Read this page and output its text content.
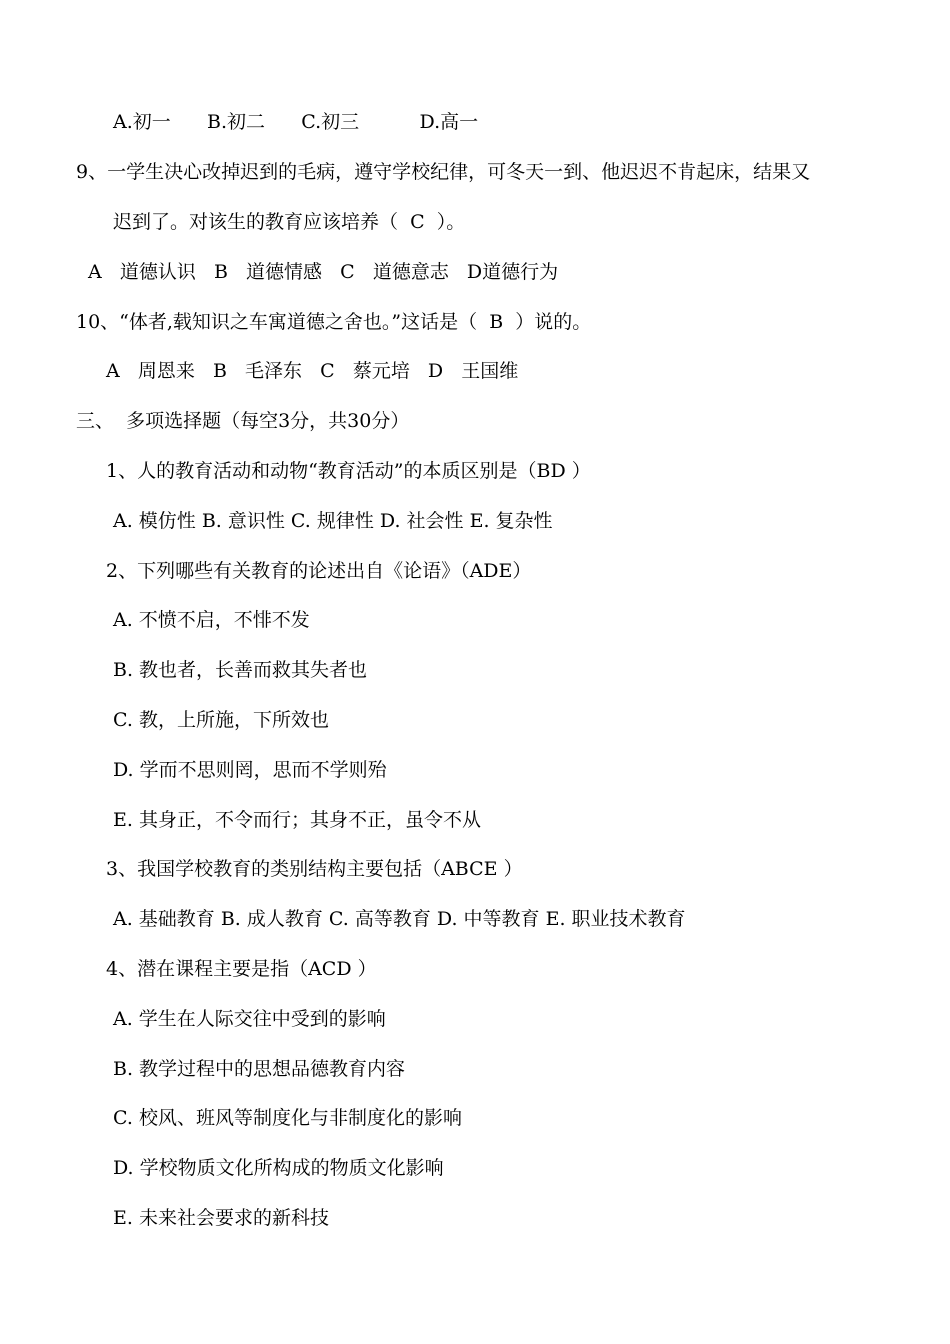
A.初一      B.初二      C.初三          D.高一
9、一学生决心改掉迟到的毛病，遵守学校纪律，可冬天一到、他迟迟不肯起床，结果又
迟到了。对该生的教育应该培养（  C  ）。
A   道德认识   B   道德情感   C   道德意志   D道德行为
10、“体者,载知识之车寓道德之舍也。”这话是（  B  ）说的。
A   周恩来   B   毛泽东   C   蔡元培   D   王国维
三、  多项选择题（每空3分，共30分）
1、人的教育活动和动物“教育活动”的本质区别是（BD ）
A. 模仿性 B. 意识性 C. 规律性 D. 社会性 E. 复杂性
2、下列哪些有关教育的论述出自《论语》（ADE）
A. 不愤不启，不悱不发
B. 教也者，长善而救其失者也
C. 教，上所施，下所效也
D. 学而不思则罔，思而不学则殆
E. 其身正，不令而行；其身不正，虽令不从
3、我国学校教育的类别结构主要包括（ABCE ）
A. 基础教育 B. 成人教育 C. 高等教育 D. 中等教育 E. 职业技术教育
4、潜在课程主要是指（ACD ）
A. 学生在人际交往中受到的影响
B. 教学过程中的思想品德教育内容
C. 校风、班风等制度化与非制度化的影响
D. 学校物质文化所构成的物质文化影响
E. 未来社会要求的新科技
